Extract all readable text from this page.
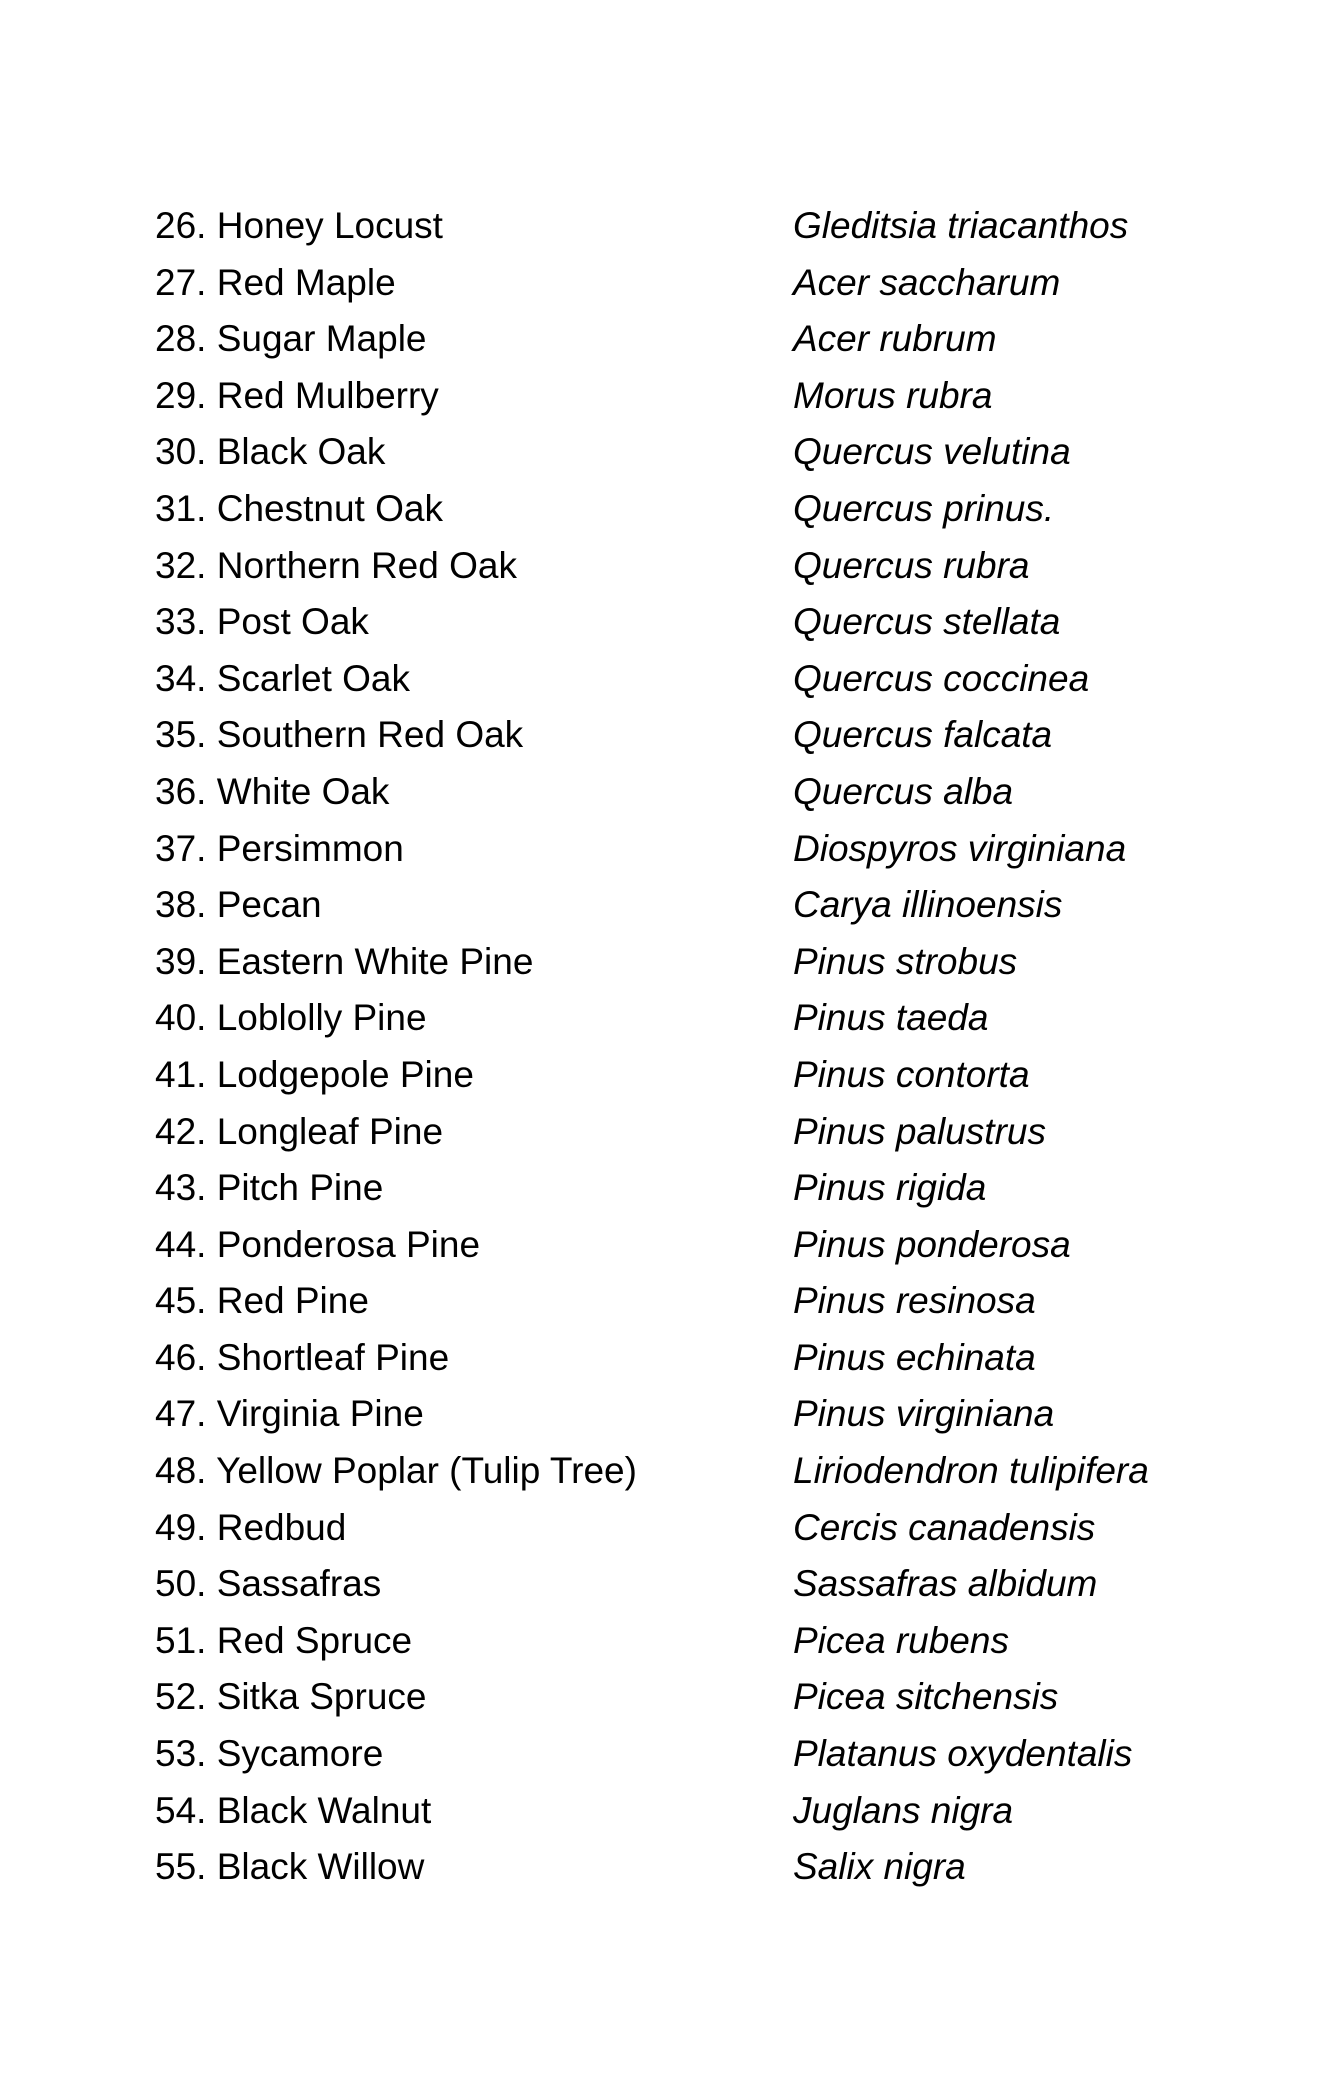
26. Honey Locust	Gleditsia triacanthos
27. Red Maple	Acer saccharum
28. Sugar Maple	Acer rubrum
29. Red Mulberry	Morus rubra
30. Black Oak	Quercus velutina
31. Chestnut Oak	Quercus prinus.
32. Northern Red Oak	Quercus rubra
33. Post Oak	Quercus stellata
34. Scarlet Oak	Quercus coccinea
35. Southern Red Oak	Quercus falcata
36. White Oak	Quercus alba
37. Persimmon	Diospyros virginiana
38. Pecan	Carya illinoensis
39. Eastern White Pine	Pinus strobus
40. Loblolly Pine	Pinus taeda
41. Lodgepole Pine	Pinus contorta
42. Longleaf Pine	Pinus palustrus
43. Pitch Pine	Pinus rigida
44. Ponderosa Pine	Pinus ponderosa
45. Red Pine	Pinus resinosa
46. Shortleaf Pine	Pinus echinata
47. Virginia Pine	Pinus virginiana
48. Yellow Poplar (Tulip Tree)	Liriodendron tulipifera
49. Redbud	Cercis canadensis
50. Sassafras	Sassafras albidum
51. Red Spruce	Picea rubens
52. Sitka Spruce	Picea sitchensis
53. Sycamore	Platanus oxydentalis
54. Black Walnut	Juglans nigra
55. Black Willow	Salix nigra
